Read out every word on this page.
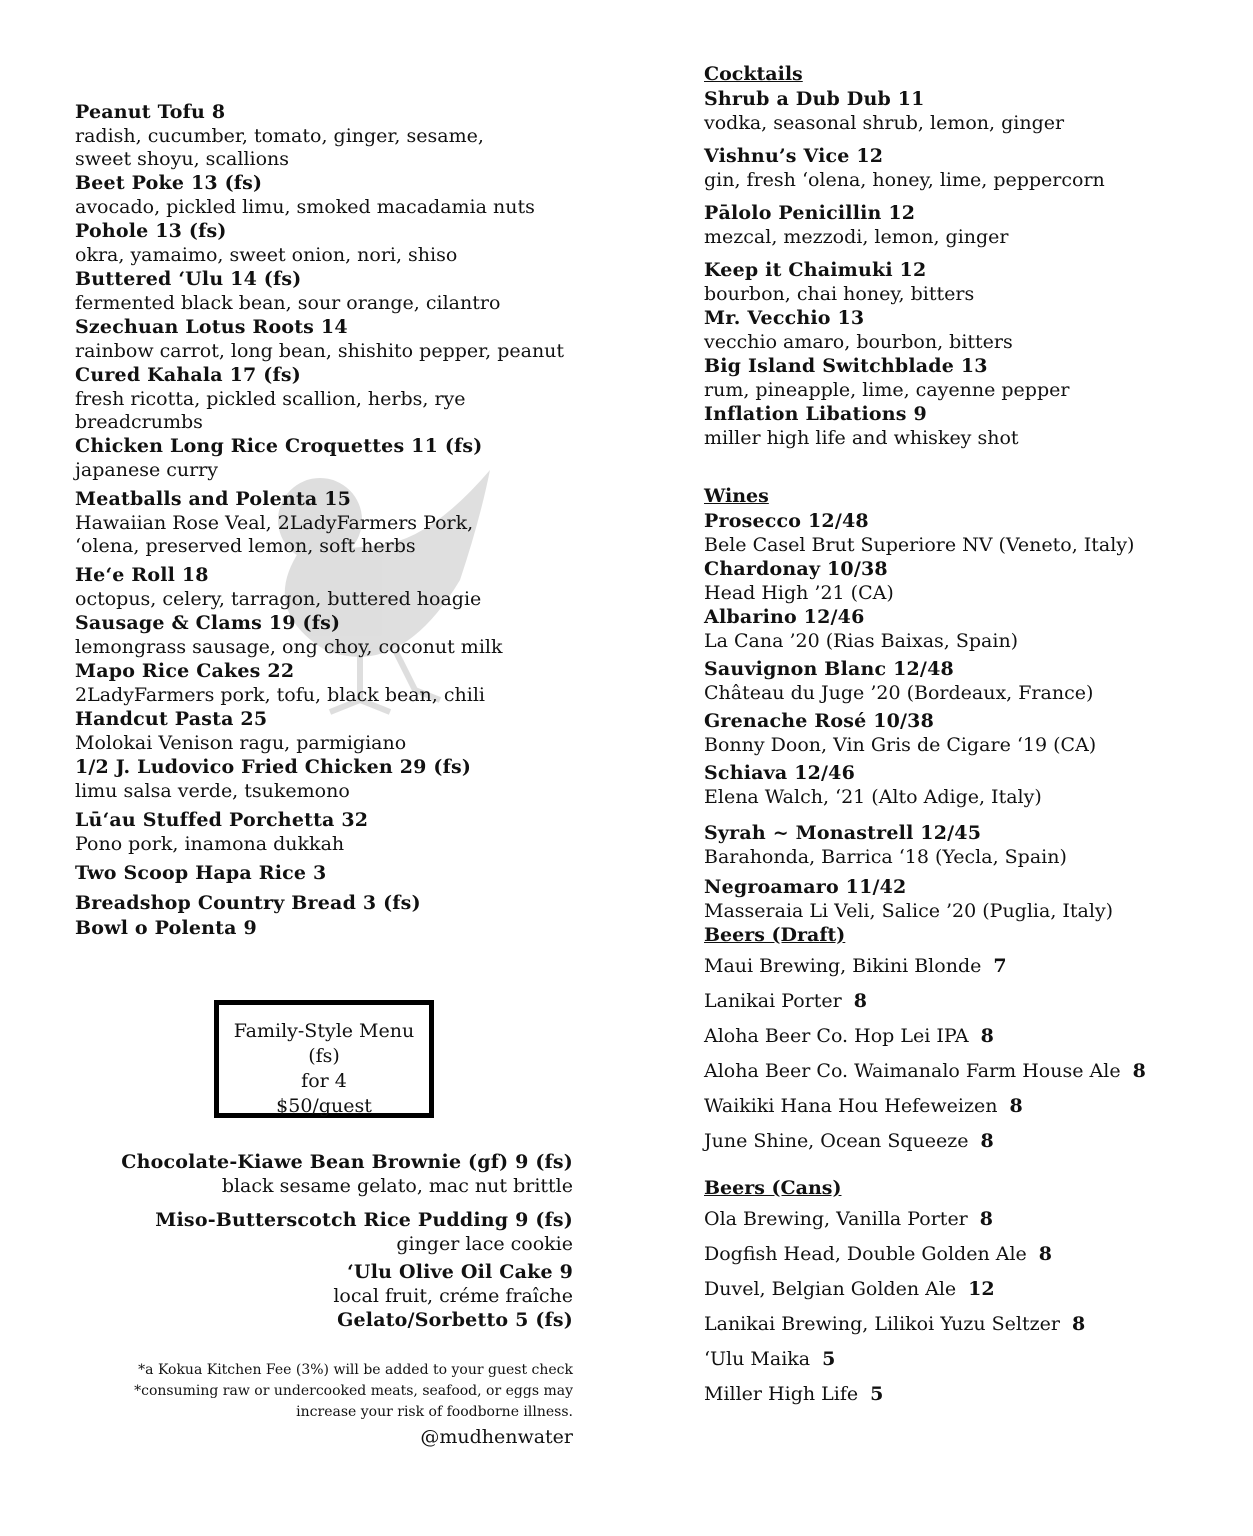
Peanut Tofu 8
radish, cucumber, tomato, ginger, sesame,
sweet shoyu, scallions
Beet Poke 13 (fs)
avocado, pickled limu, smoked macadamia nuts
Pohole 13 (fs)
okra, yamaimo, sweet onion, nori, shiso
Buttered ‘Ulu 14 (fs)
fermented black bean, sour orange, cilantro
Szechuan Lotus Roots 14
rainbow carrot, long bean, shishito pepper, peanut
Cured Kahala 17 (fs)
fresh ricotta, pickled scallion, herbs, rye
breadcrumbs
Chicken Long Rice Croquettes 11 (fs)
japanese curry
Meatballs and Polenta 15
Hawaiian Rose Veal, 2LadyFarmers Pork,
‘olena, preserved lemon, soft herbs
He‘e Roll 18
octopus, celery, tarragon, buttered hoagie
Sausage & Clams 19 (fs)
lemongrass sausage, ong choy, coconut milk
Mapo Rice Cakes 22
2LadyFarmers pork, tofu, black bean, chili
Handcut Pasta 25
Molokai Venison ragu, parmigiano
1/2 J. Ludovico Fried Chicken 29 (fs)
limu salsa verde, tsukemono
Lū‘au Stuffed Porchetta 32
Pono pork, inamona dukkah
Two Scoop Hapa Rice 3
Breadshop Country Bread 3 (fs)
Bowl o Polenta 9
Family-Style Menu
(fs)
for 4
$50/guest
Chocolate-Kiawe Bean Brownie (gf) 9 (fs)
black sesame gelato, mac nut brittle
Miso-Butterscotch Rice Pudding 9 (fs)
ginger lace cookie
‘Ulu Olive Oil Cake 9
local fruit, créme fraîche
Gelato/Sorbetto 5 (fs)
*a Kokua Kitchen Fee (3%) will be added to your guest check
*consuming raw or undercooked meats, seafood, or eggs may
increase your risk of foodborne illness.
@mudhenwater
Cocktails
Shrub a Dub Dub 11
vodka, seasonal shrub, lemon, ginger
Vishnu’s Vice 12
gin, fresh ‘olena, honey, lime, peppercorn
Pālolo Penicillin 12
mezcal, mezzodi, lemon, ginger
Keep it Chaimuki 12
bourbon, chai honey, bitters
Mr. Vecchio 13
vecchio amaro, bourbon, bitters
Big Island Switchblade 13
rum, pineapple, lime, cayenne pepper
Inflation Libations 9
miller high life and whiskey shot
Wines
Prosecco 12/48
Bele Casel Brut Superiore NV (Veneto, Italy)
Chardonay 10/38
Head High ’21 (CA)
Albarino 12/46
La Cana ’20 (Rias Baixas, Spain)
Sauvignon Blanc 12/48
Château du Juge ’20 (Bordeaux, France)
Grenache Rosé 10/38
Bonny Doon, Vin Gris de Cigare ‘19 (CA)
Schiava 12/46
Elena Walch, ‘21 (Alto Adige, Italy)
Syrah ~ Monastrell 12/45
Barahonda, Barrica ‘18 (Yecla, Spain)
Negroamaro 11/42
Masseraia Li Veli, Salice ’20 (Puglia, Italy)
Beers (Draft)
Maui Brewing, Bikini Blonde 7
Lanikai Porter 8
Aloha Beer Co. Hop Lei IPA 8
Aloha Beer Co. Waimanalo Farm House Ale 8
Waikiki Hana Hou Hefeweizen 8
June Shine, Ocean Squeeze 8
Beers (Cans)
Ola Brewing, Vanilla Porter 8
Dogfish Head, Double Golden Ale 8
Duvel, Belgian Golden Ale 12
Lanikai Brewing, Lilikoi Yuzu Seltzer 8
‘Ulu Maika 5
Miller High Life 5
